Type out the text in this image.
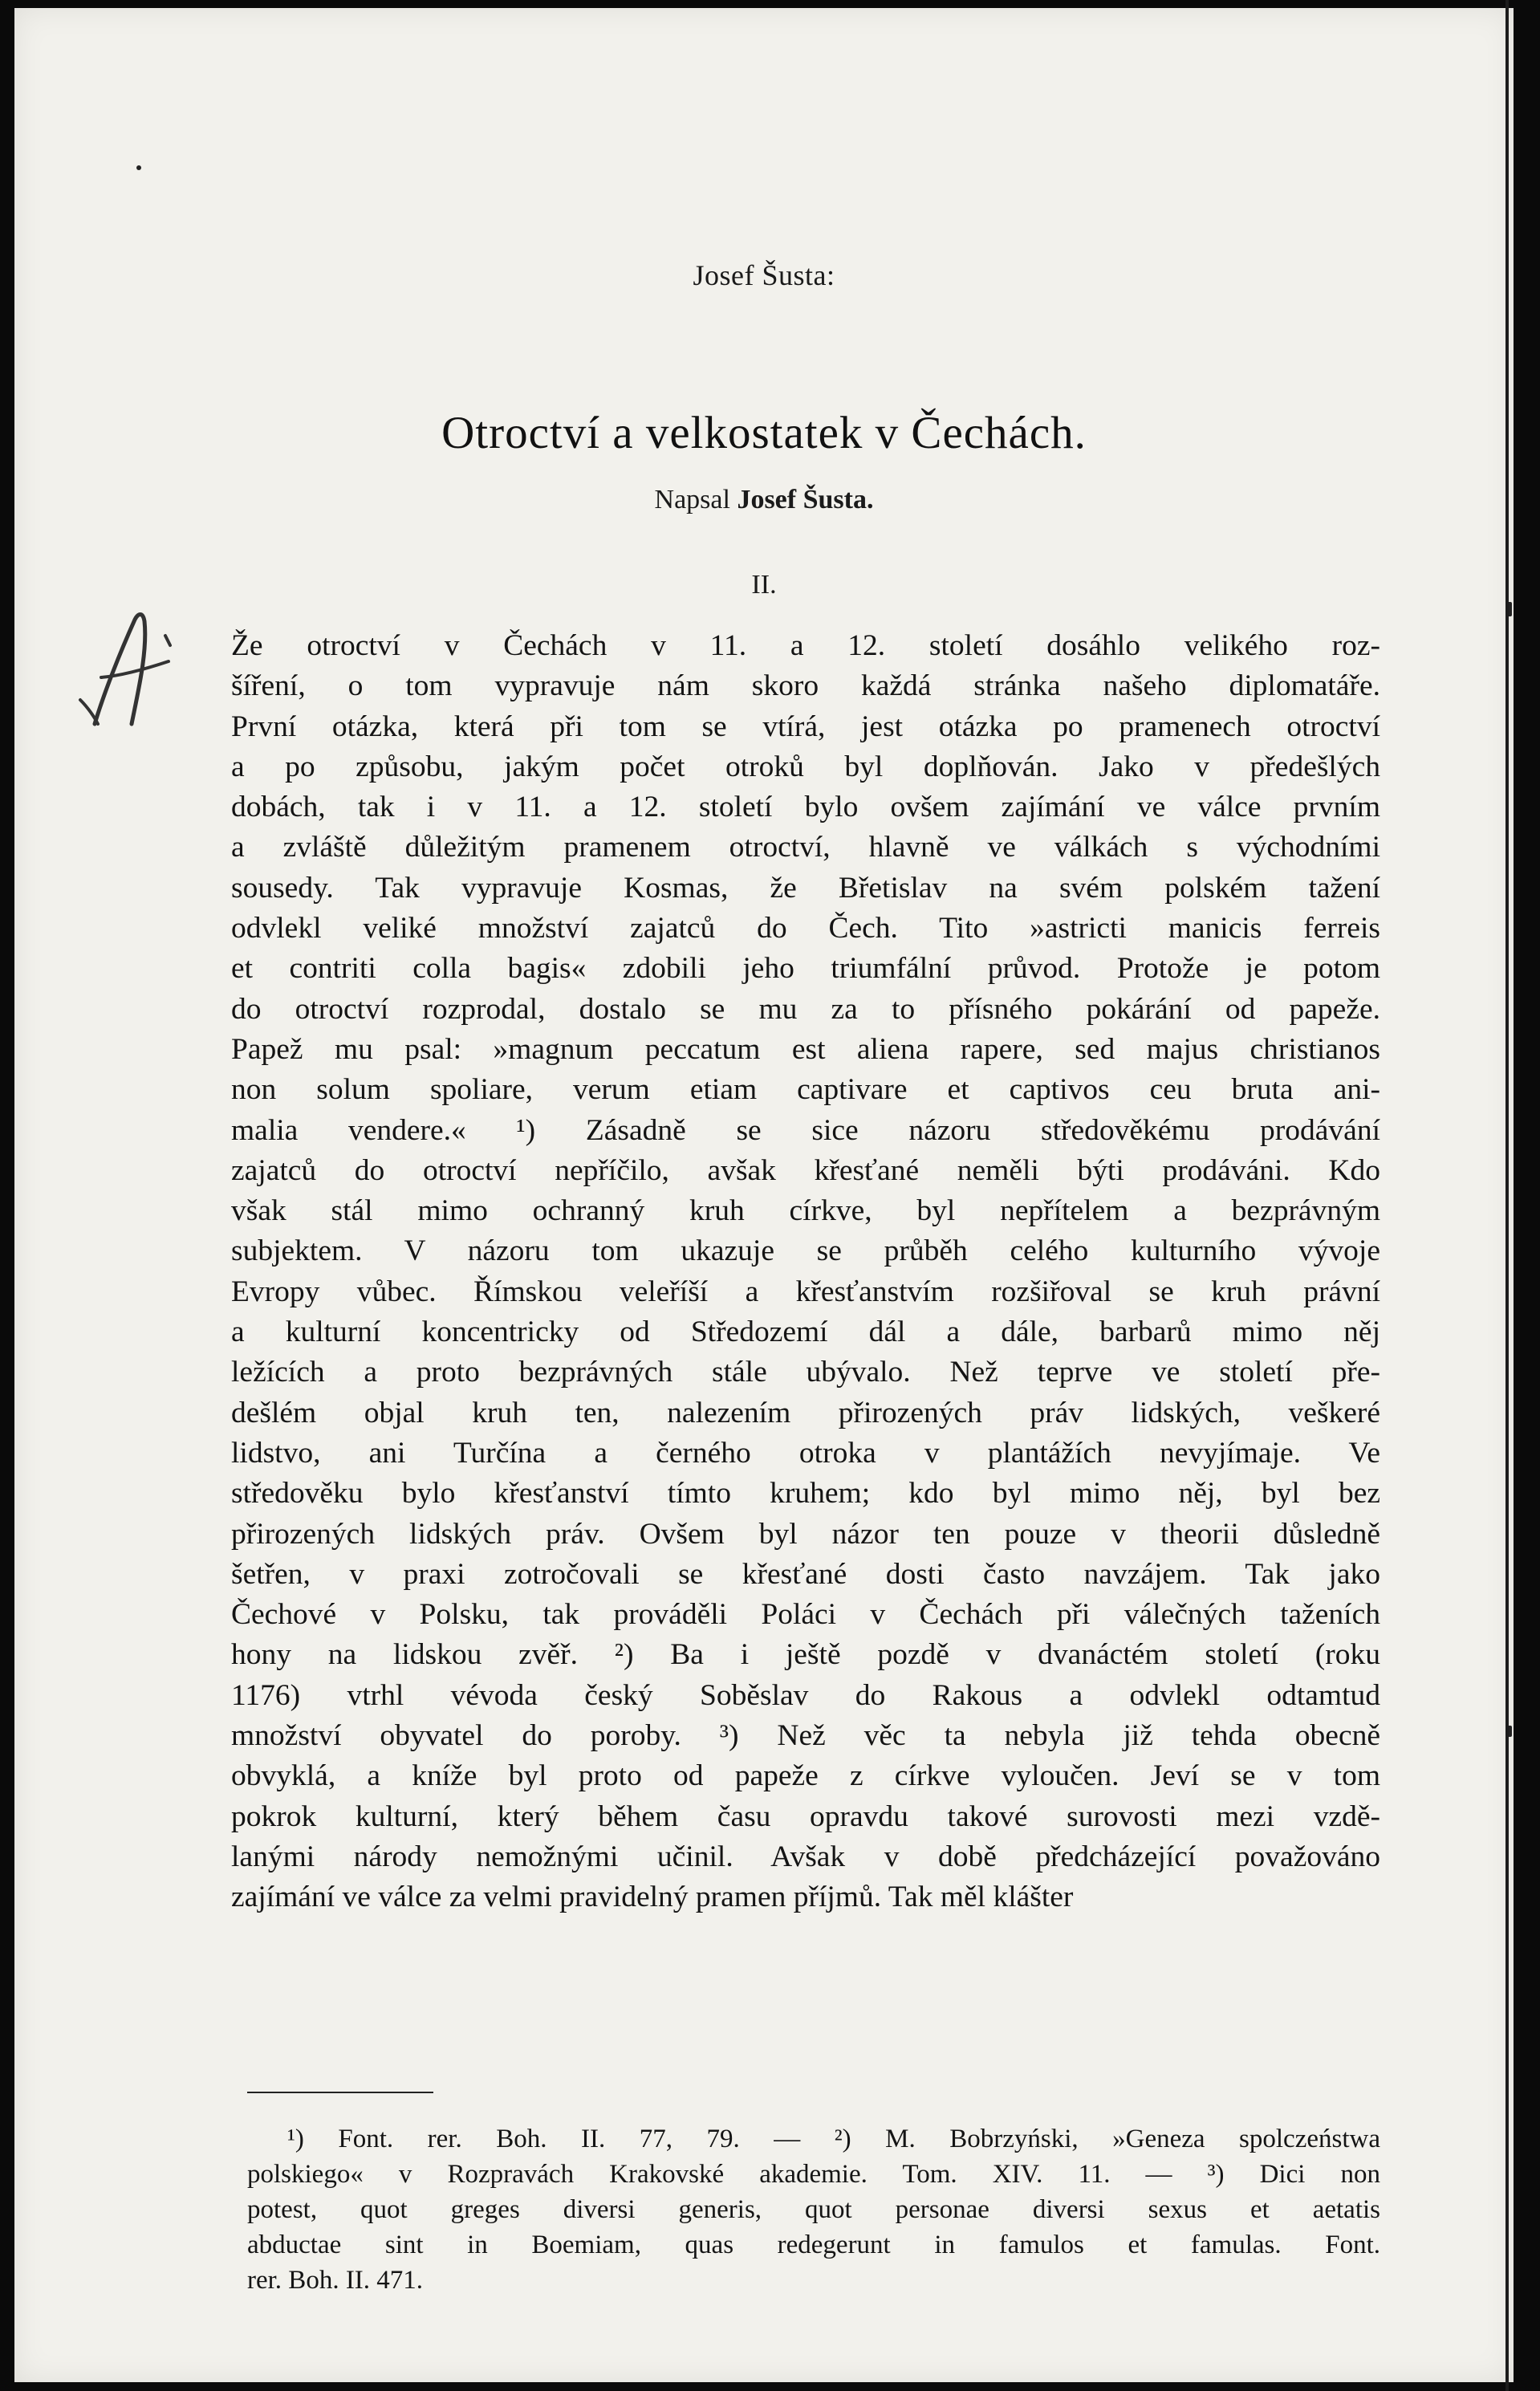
Josef Šusta:
Otroctví a velkostatek v Čechách.
Napsal Josef Šusta.
II.
Že otroctví v Čechách v 11. a 12. století dosáhlo velikého roz-
šíření, o tom vypravuje nám skoro každá stránka našeho diplomatáře.
První otázka, která při tom se vtírá, jest otázka po pramenech otroctví
a po způsobu, jakým počet otroků byl doplňován. Jako v předešlých
dobách, tak i v 11. a 12. století bylo ovšem zajímání ve válce prvním
a zvláště důležitým pramenem otroctví, hlavně ve válkách s východními
sousedy. Tak vypravuje Kosmas, že Břetislav na svém polském tažení
odvlekl veliké množství zajatců do Čech. Tito »astricti manicis ferreis
et contriti colla bagis« zdobili jeho triumfální průvod. Protože je potom
do otroctví rozprodal, dostalo se mu za to přísného pokárání od papeže.
Papež mu psal: »magnum peccatum est aliena rapere, sed majus christianos
non solum spoliare, verum etiam captivare et captivos ceu bruta ani-
malia vendere.« ¹) Zásadně se sice názoru středověkému prodávání
zajatců do otroctví nepříčilo, avšak křesťané neměli býti prodáváni. Kdo
však stál mimo ochranný kruh církve, byl nepřítelem a bezprávným
subjektem. V názoru tom ukazuje se průběh celého kulturního vývoje
Evropy vůbec. Římskou veleříší a křesťanstvím rozšiřoval se kruh právní
a kulturní koncentricky od Středozemí dál a dále, barbarů mimo něj
ležících a proto bezprávných stále ubývalo. Než teprve ve století pře-
dešlém objal kruh ten, nalezením přirozených práv lidských, veškeré
lidstvo, ani Turčína a černého otroka v plantážích nevyjímaje. Ve
středověku bylo křesťanství tímto kruhem; kdo byl mimo něj, byl bez
přirozených lidských práv. Ovšem byl názor ten pouze v theorii důsledně
šetřen, v praxi zotročovali se křesťané dosti často navzájem. Tak jako
Čechové v Polsku, tak prováděli Poláci v Čechách při válečných taženích
hony na lidskou zvěř. ²) Ba i ještě pozdě v dvanáctém století (roku
1176) vtrhl vévoda český Soběslav do Rakous a odvlekl odtamtud
množství obyvatel do poroby. ³) Než věc ta nebyla již tehda obecně
obvyklá, a kníže byl proto od papeže z církve vyloučen. Jeví se v tom
pokrok kulturní, který během času opravdu takové surovosti mezi vzdě-
lanými národy nemožnými učinil. Avšak v době předcházející považováno
zajímání ve válce za velmi pravidelný pramen příjmů. Tak měl klášter
¹) Font. rer. Boh. II. 77, 79. — ²) M. Bobrzyński, »Geneza spolczeństwa
polskiego« v Rozpravách Krakovské akademie. Tom. XIV. 11. — ³) Dici non
potest, quot greges diversi generis, quot personae diversi sexus et aetatis
abductae sint in Boemiam, quas redegerunt in famulos et famulas. Font.
rer. Boh. II. 471.
